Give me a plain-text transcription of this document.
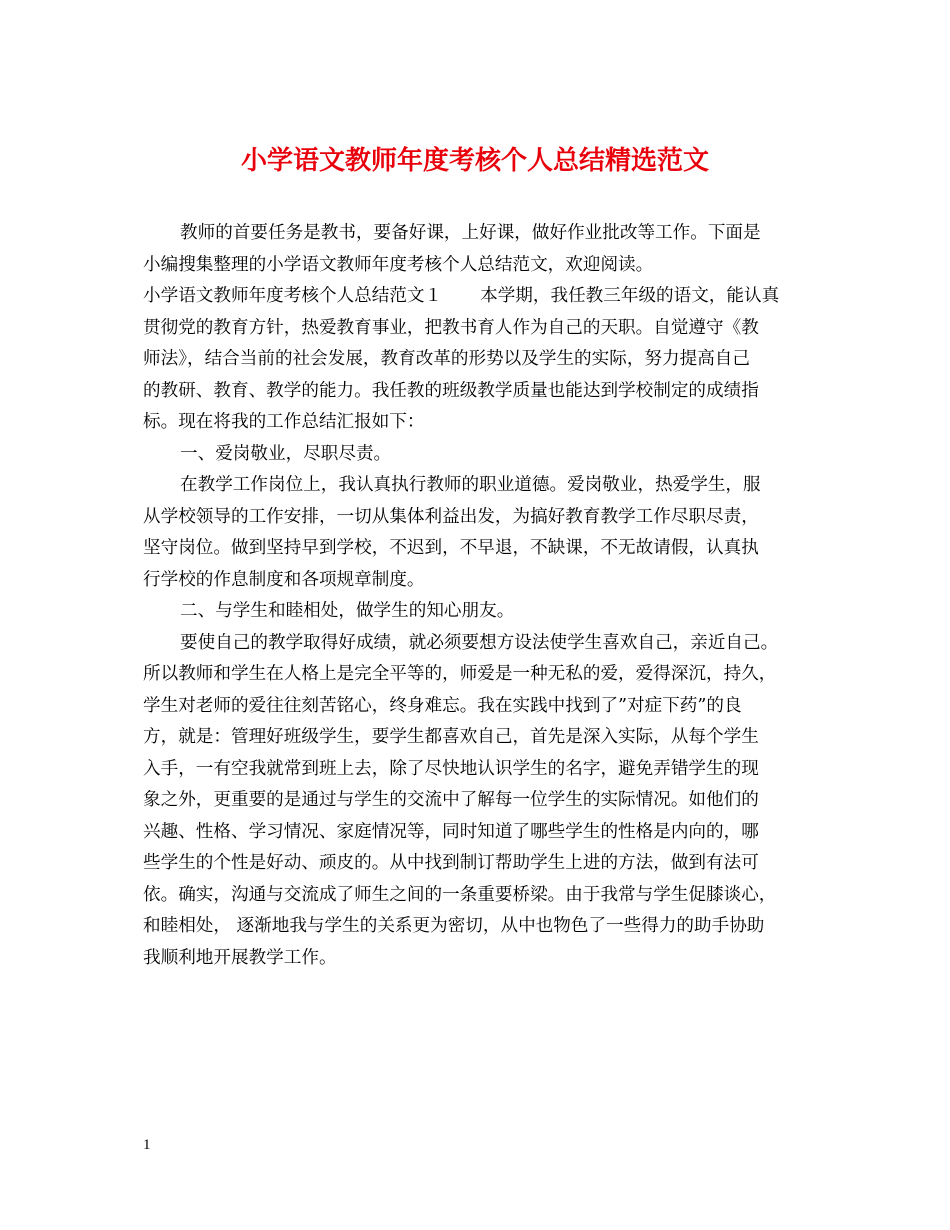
小学语文教师年度考核个人总结精选范文
教师的首要任务是教书，要备好课，上好课，做好作业批改等工作。下面是
小编搜集整理的小学语文教师年度考核个人总结范文，欢迎阅读。
小学语文教师年度考核个人总结范文１ 本学期，我任教三年级的语文，能认真
贯彻党的教育方针，热爱教育事业，把教书育人作为自己的天职。自觉遵守《教
师法》，结合当前的社会发展，教育改革的形势以及学生的实际，努力提高自己
的教研、教育、教学的能力。我任教的班级教学质量也能达到学校制定的成绩指
标。现在将我的工作总结汇报如下：
一、爱岗敬业，尽职尽责。
在教学工作岗位上，我认真执行教师的职业道德。爱岗敬业，热爱学生，服
从学校领导的工作安排，一切从集体利益出发，为搞好教育教学工作尽职尽责，
坚守岗位。做到坚持早到学校，不迟到，不早退，不缺课，不无故请假，认真执
行学校的作息制度和各项规章制度。
二、与学生和睦相处，做学生的知心朋友。
要使自己的教学取得好成绩，就必须要想方设法使学生喜欢自己，亲近自己。
所以教师和学生在人格上是完全平等的，师爱是一种无私的爱，爱得深沉，持久，
学生对老师的爱往往刻苦铭心，终身难忘。我在实践中找到了”对症下药”的良
方，就是：管理好班级学生，要学生都喜欢自己，首先是深入实际，从每个学生
入手，一有空我就常到班上去，除了尽快地认识学生的名字，避免弄错学生的现
象之外，更重要的是通过与学生的交流中了解每一位学生的实际情况。如他们的
兴趣、性格、学习情况、家庭情况等，同时知道了哪些学生的性格是内向的，哪
些学生的个性是好动、顽皮的。从中找到制订帮助学生上进的方法，做到有法可
依。确实，沟通与交流成了师生之间的一条重要桥梁。由于我常与学生促膝谈心，
和睦相处， 逐渐地我与学生的关系更为密切，从中也物色了一些得力的助手协助
我顺利地开展教学工作。
1
